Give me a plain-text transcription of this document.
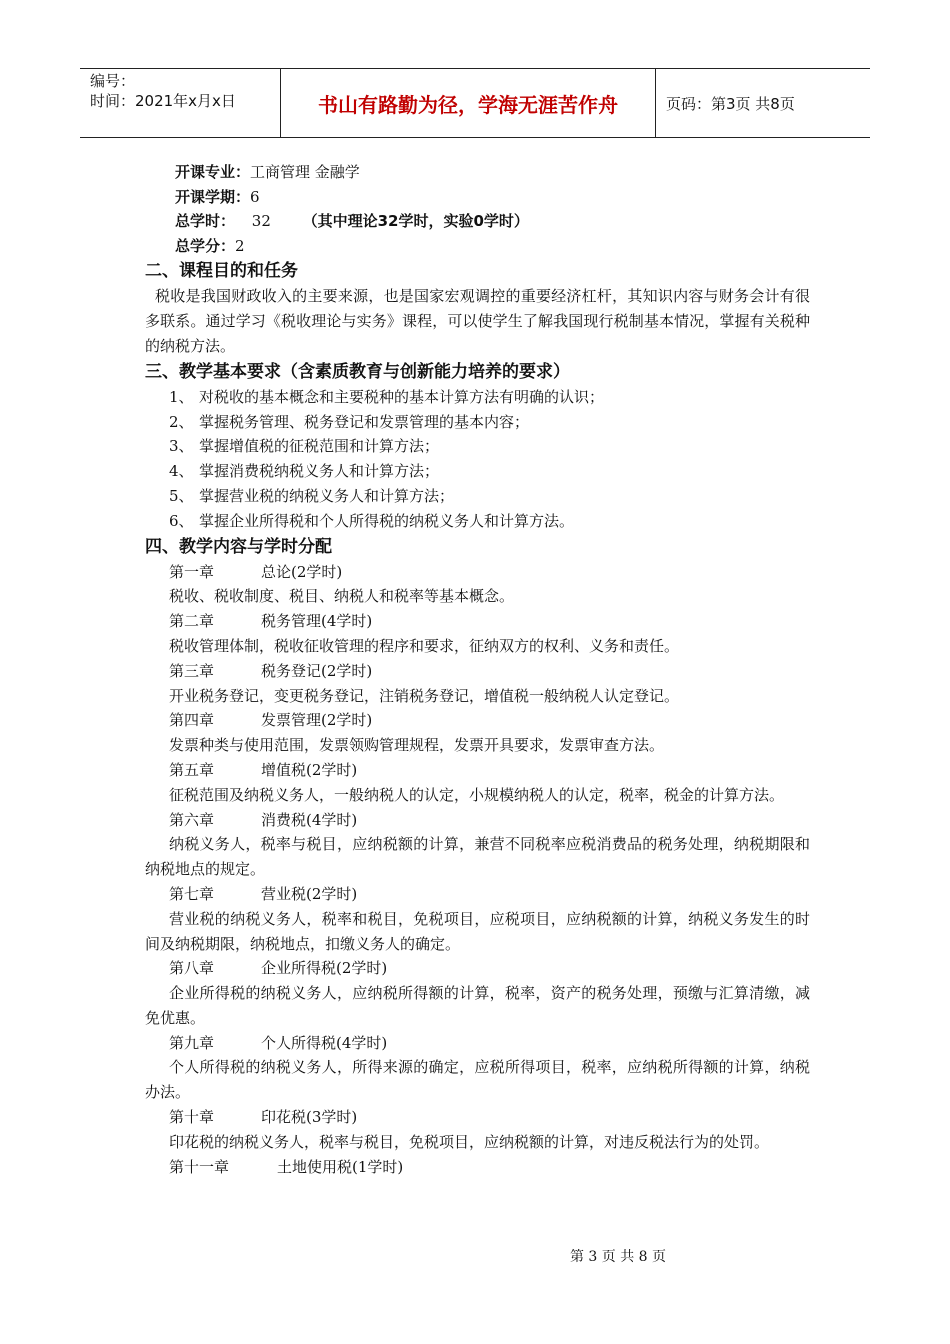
编号：
时间：2021年x月x日	书山有路勤为径，学海无涯苦作舟	页码：第3页 共8页
开课专业：工商管理 金融学
开课学期：6
总学时： 32 （其中理论32学时，实验0学时）
总学分：2
二、课程目的和任务
税收是我国财政收入的主要来源，也是国家宏观调控的重要经济杠杆，其知识内容与财务会计有很多联系。通过学习《税收理论与实务》课程，可以使学生了解我国现行税制基本情况，掌握有关税种的纳税方法。
三、教学基本要求（含素质教育与创新能力培养的要求）
1、 对税收的基本概念和主要税种的基本计算方法有明确的认识；
2、 掌握税务管理、税务登记和发票管理的基本内容；
3、 掌握增值税的征税范围和计算方法；
4、 掌握消费税纳税义务人和计算方法；
5、 掌握营业税的纳税义务人和计算方法；
6、 掌握企业所得税和个人所得税的纳税义务人和计算方法。
四、教学内容与学时分配
第一章	总论(2学时)
税收、税收制度、税目、纳税人和税率等基本概念。
第二章	税务管理(4学时)
税收管理体制，税收征收管理的程序和要求，征纳双方的权利、义务和责任。
第三章	税务登记(2学时)
开业税务登记，变更税务登记，注销税务登记，增值税一般纳税人认定登记。
第四章	发票管理(2学时)
发票种类与使用范围，发票领购管理规程，发票开具要求，发票审查方法。
第五章	增值税(2学时)
征税范围及纳税义务人，一般纳税人的认定，小规模纳税人的认定，税率，税金的计算方法。
第六章	消费税(4学时)
纳税义务人，税率与税目，应纳税额的计算，兼营不同税率应税消费品的税务处理，纳税期限和纳税地点的规定。
第七章	营业税(2学时)
营业税的纳税义务人，税率和税目，免税项目，应税项目，应纳税额的计算，纳税义务发生的时间及纳税期限，纳税地点，扣缴义务人的确定。
第八章	企业所得税(2学时)
企业所得税的纳税义务人，应纳税所得额的计算，税率，资产的税务处理，预缴与汇算清缴，减免优惠。
第九章	个人所得税(4学时)
个人所得税的纳税义务人，所得来源的确定，应税所得项目，税率，应纳税所得额的计算，纳税办法。
第十章	印花税(3学时)
印花税的纳税义务人，税率与税目，免税项目，应纳税额的计算，对违反税法行为的处罚。
第十一章	土地使用税(1学时)
第 3 页 共 8 页
